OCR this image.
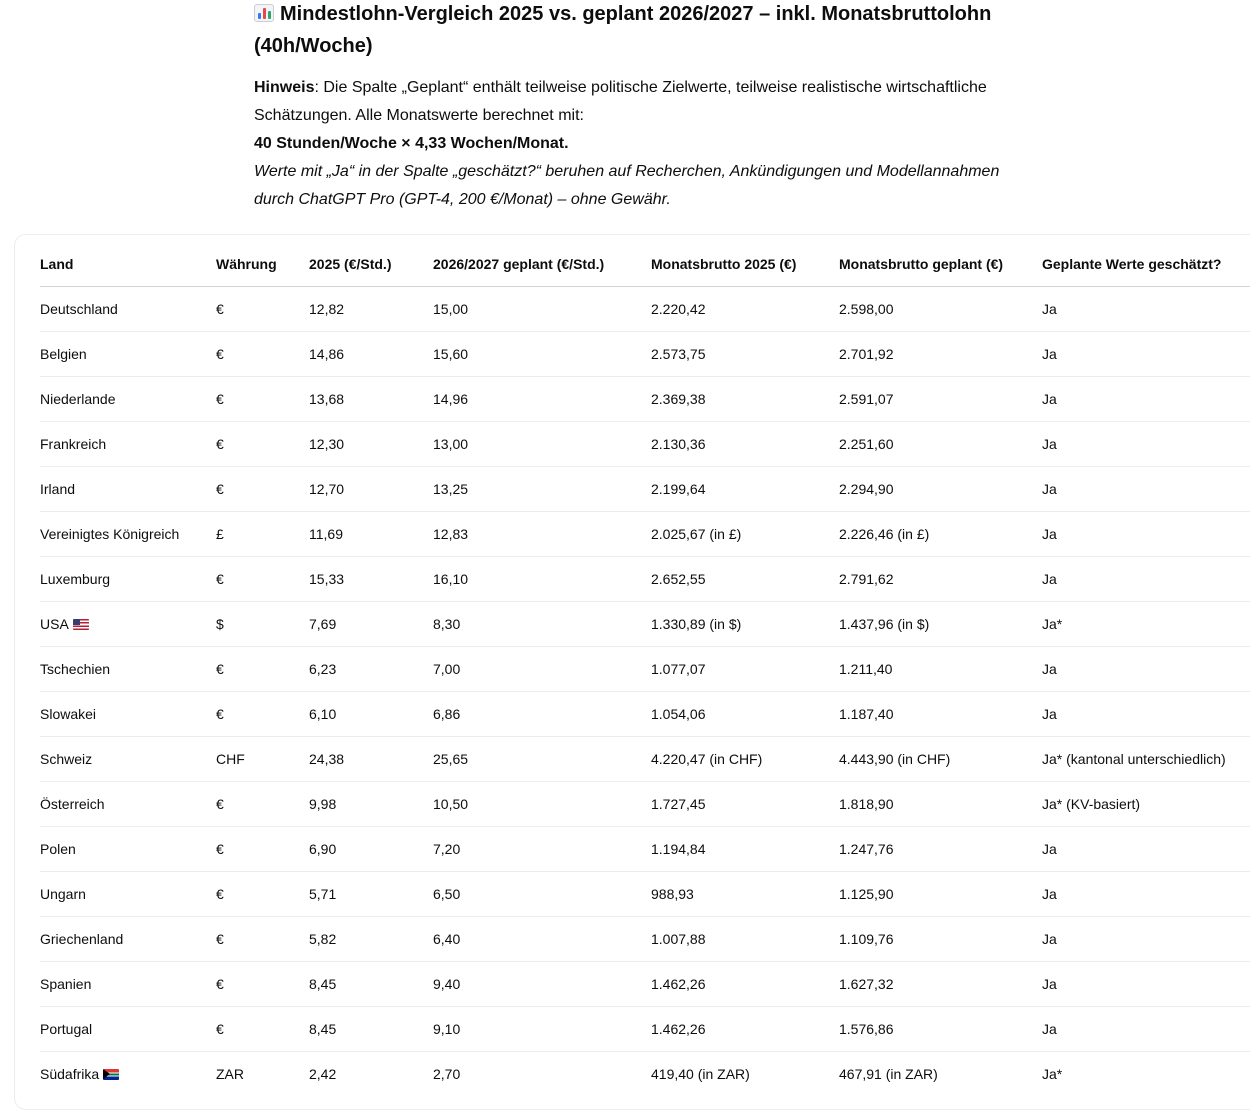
Mindestlohn-Vergleich 2025 vs. geplant 2026/2027 – inkl. Monatsbruttolohn (40h/Woche)

Hinweis: Die Spalte „Geplant“ enthält teilweise politische Zielwerte, teilweise realistische wirtschaftliche Schätzungen. Alle Monatswerte berechnet mit:
40 Stunden/Woche × 4,33 Wochen/Monat.
Werte mit „Ja“ in der Spalte „geschätzt?“ beruhen auf Recherchen, Ankündigungen und Modellannahmen durch ChatGPT Pro (GPT-4, 200 €/Monat) – ohne Gewähr.

Land	Währung	2025 (€/Std.)	2026/2027 geplant (€/Std.)	Monatsbrutto 2025 (€)	Monatsbrutto geplant (€)	Geplante Werte geschätzt?
Deutschland	€	12,82	15,00	2.220,42	2.598,00	Ja
Belgien	€	14,86	15,60	2.573,75	2.701,92	Ja
Niederlande	€	13,68	14,96	2.369,38	2.591,07	Ja
Frankreich	€	12,30	13,00	2.130,36	2.251,60	Ja
Irland	€	12,70	13,25	2.199,64	2.294,90	Ja
Vereinigtes Königreich	£	11,69	12,83	2.025,67 (in £)	2.226,46 (in £)	Ja
Luxemburg	€	15,33	16,10	2.652,55	2.791,62	Ja
USA	$	7,69	8,30	1.330,89 (in $)	1.437,96 (in $)	Ja*
Tschechien	€	6,23	7,00	1.077,07	1.211,40	Ja
Slowakei	€	6,10	6,86	1.054,06	1.187,40	Ja
Schweiz	CHF	24,38	25,65	4.220,47 (in CHF)	4.443,90 (in CHF)	Ja* (kantonal unterschiedlich)
Österreich	€	9,98	10,50	1.727,45	1.818,90	Ja* (KV-basiert)
Polen	€	6,90	7,20	1.194,84	1.247,76	Ja
Ungarn	€	5,71	6,50	988,93	1.125,90	Ja
Griechenland	€	5,82	6,40	1.007,88	1.109,76	Ja
Spanien	€	8,45	9,40	1.462,26	1.627,32	Ja
Portugal	€	8,45	9,10	1.462,26	1.576,86	Ja
Südafrika	ZAR	2,42	2,70	419,40 (in ZAR)	467,91 (in ZAR)	Ja*
